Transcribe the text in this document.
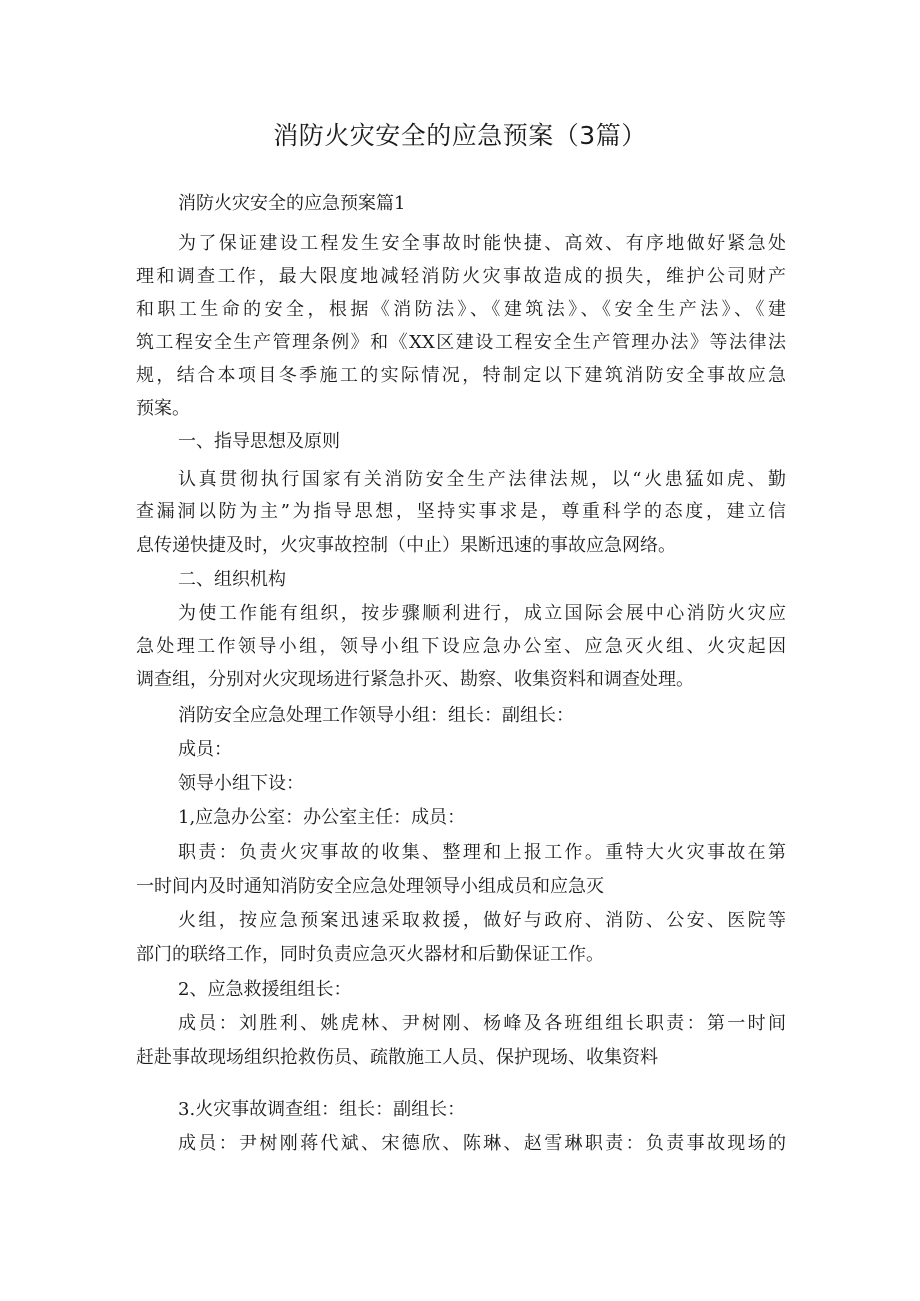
消防火灾安全的应急预案（3篇）

消防火灾安全的应急预案篇1

为了保证建设工程发生安全事故时能快捷、高效、有序地做好紧急处

理和调查工作，最大限度地减轻消防火灾事故造成的损失，维护公司财产

和职工生命的安全，根据《消防法》、《建筑法》、《安全生产法》、《建

筑工程安全生产管理条例》和《XX区建设工程安全生产管理办法》等法律法

规，结合本项目冬季施工的实际情况，特制定以下建筑消防安全事故应急

预案。

一、指导思想及原则

认真贯彻执行国家有关消防安全生产法律法规，以“火患猛如虎、勤

查漏洞以防为主”为指导思想，坚持实事求是，尊重科学的态度，建立信

息传递快捷及时，火灾事故控制（中止）果断迅速的事故应急网络。

二、组织机构

为使工作能有组织，按步骤顺利进行，成立国际会展中心消防火灾应

急处理工作领导小组，领导小组下设应急办公室、应急灭火组、火灾起因

调查组，分别对火灾现场进行紧急扑灭、勘察、收集资料和调查处理。

消防安全应急处理工作领导小组：组长：副组长：

成员：

领导小组下设：

1,应急办公室：办公室主任：成员：

职责：负责火灾事故的收集、整理和上报工作。重特大火灾事故在第

一时间内及时通知消防安全应急处理领导小组成员和应急灭

火组，按应急预案迅速采取救援，做好与政府、消防、公安、医院等

部门的联络工作，同时负责应急灭火器材和后勤保证工作。

2、应急救援组组长：

成员：刘胜利、姚虎林、尹树刚、杨峰及各班组组长职责：第一时间

赶赴事故现场组织抢救伤员、疏散施工人员、保护现场、收集资料

3.火灾事故调查组：组长：副组长：

成员：尹树刚蒋代斌、宋德欣、陈琳、赵雪琳职责：负责事故现场的
